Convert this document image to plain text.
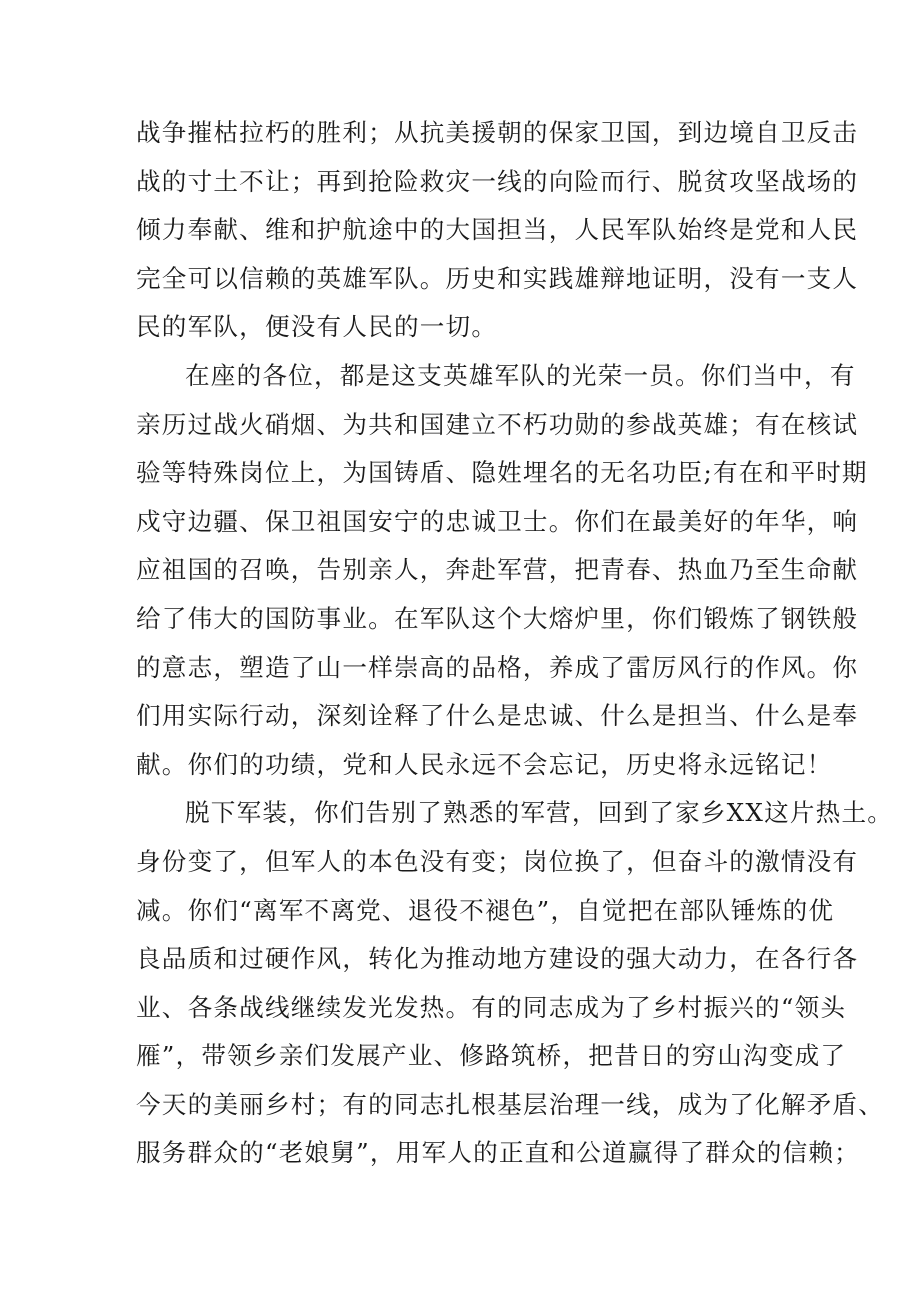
战争摧枯拉朽的胜利；从抗美援朝的保家卫国，到边境自卫反击
战的寸土不让；再到抢险救灾一线的向险而行、脱贫攻坚战场的
倾力奉献、维和护航途中的大国担当，人民军队始终是党和人民
完全可以信赖的英雄军队。历史和实践雄辩地证明，没有一支人
民的军队，便没有人民的一切。
在座的各位，都是这支英雄军队的光荣一员。你们当中，有
亲历过战火硝烟、为共和国建立不朽功勋的参战英雄；有在核试
验等特殊岗位上，为国铸盾、隐姓埋名的无名功臣;有在和平时期
戍守边疆、保卫祖国安宁的忠诚卫士。你们在最美好的年华，响
应祖国的召唤，告别亲人，奔赴军营，把青春、热血乃至生命献
给了伟大的国防事业。在军队这个大熔炉里，你们锻炼了钢铁般
的意志，塑造了山一样崇高的品格，养成了雷厉风行的作风。你
们用实际行动，深刻诠释了什么是忠诚、什么是担当、什么是奉
献。你们的功绩，党和人民永远不会忘记，历史将永远铭记！
脱下军装，你们告别了熟悉的军营，回到了家乡XX这片热土。
身份变了，但军人的本色没有变；岗位换了，但奋斗的激情没有
减。你们“离军不离党、退役不褪色”，自觉把在部队锤炼的优
良品质和过硬作风，转化为推动地方建设的强大动力，在各行各
业、各条战线继续发光发热。有的同志成为了乡村振兴的“领头
雁”，带领乡亲们发展产业、修路筑桥，把昔日的穷山沟变成了
今天的美丽乡村；有的同志扎根基层治理一线，成为了化解矛盾、
服务群众的“老娘舅”，用军人的正直和公道赢得了群众的信赖；
